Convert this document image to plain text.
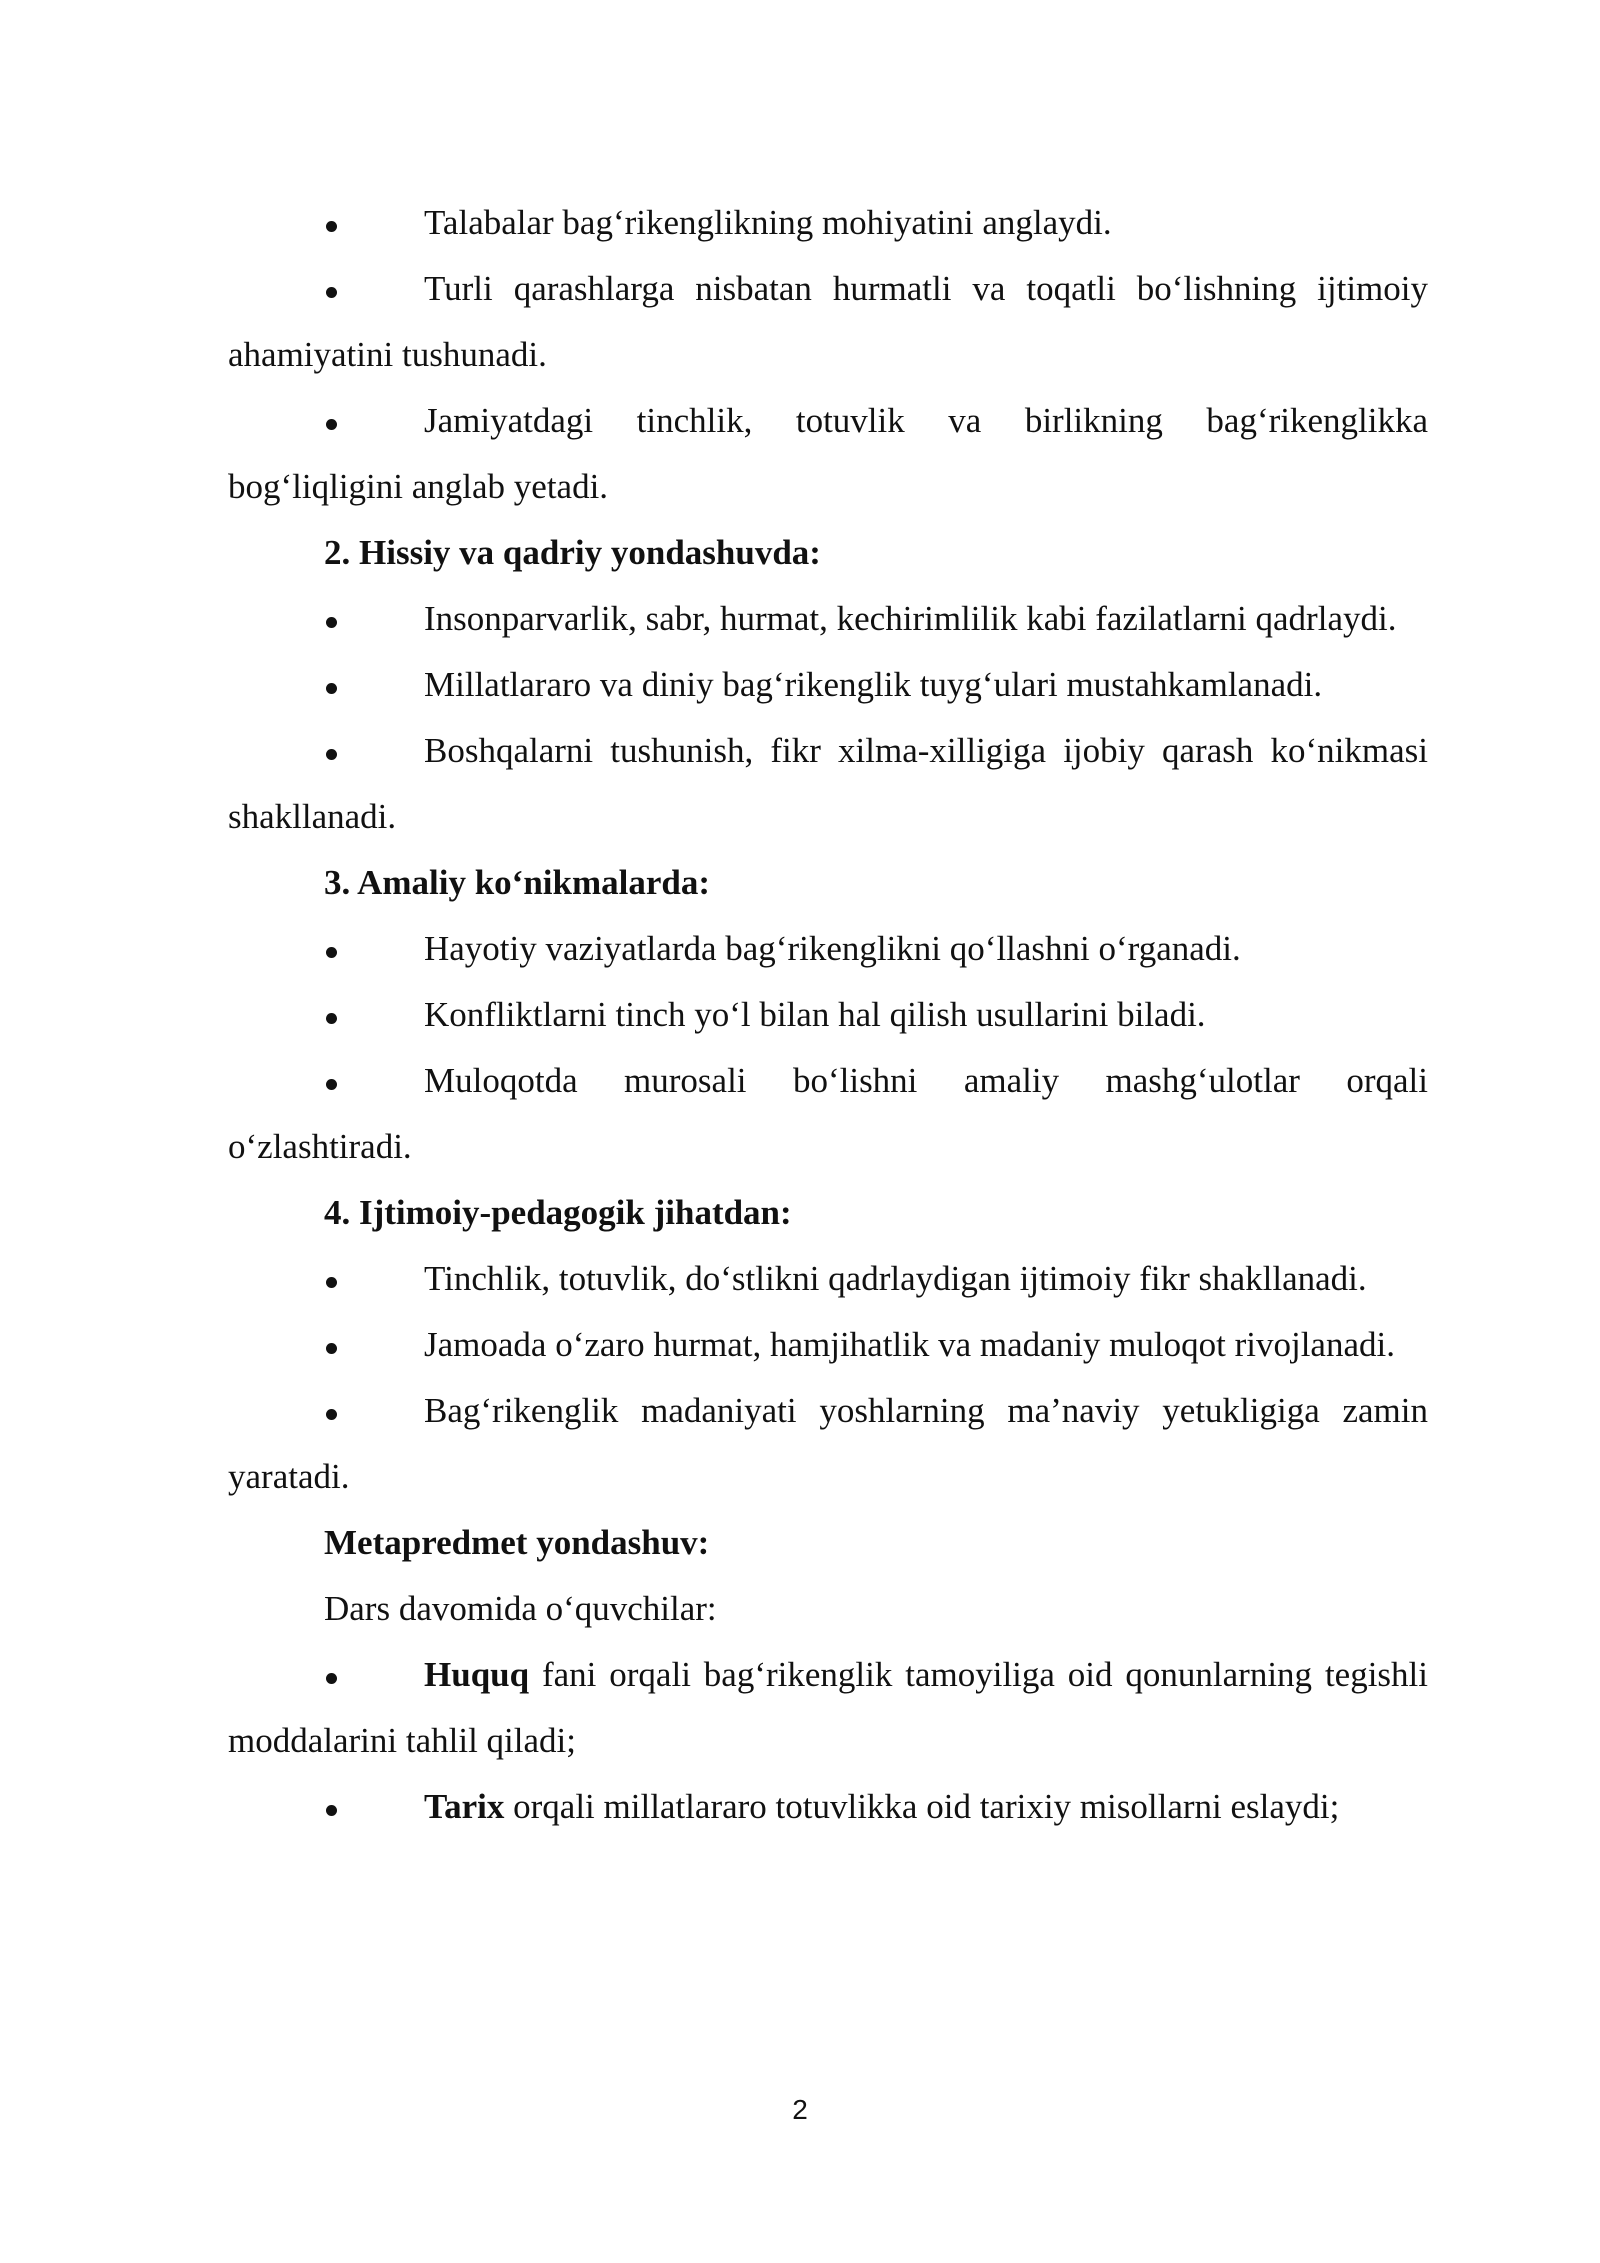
Talabalar bag‘rikenglikning mohiyatini anglaydi.
Turli qarashlarga nisbatan hurmatli va toqatli bo‘lishning ijtimoiy ahamiyatini tushunadi.
Jamiyatdagi tinchlik, totuvlik va birlikning bag‘rikenglikka bog‘liqligini anglab yetadi.
2. Hissiy va qadriy yondashuvda:
Insonparvarlik, sabr, hurmat, kechirimlilik kabi fazilatlarni qadrlaydi.
Millatlararo va diniy bag‘rikenglik tuyg‘ulari mustahkamlanadi.
Boshqalarni tushunish, fikr xilma-xilligiga ijobiy qarash ko‘nikmasi shakllanadi.
3. Amaliy ko‘nikmalarda:
Hayotiy vaziyatlarda bag‘rikenglikni qo‘llashni o‘rganadi.
Konfliktlarni tinch yo‘l bilan hal qilish usullarini biladi.
Muloqotda murosali bo‘lishni amaliy mashg‘ulotlar orqali o‘zlashtiradi.
4. Ijtimoiy-pedagogik jihatdan:
Tinchlik, totuvlik, do‘stlikni qadrlaydigan ijtimoiy fikr shakllanadi.
Jamoada o‘zaro hurmat, hamjihatlik va madaniy muloqot rivojlanadi.
Bag‘rikenglik madaniyati yoshlarning ma’naviy yetukligiga zamin yaratadi.
Metapredmet yondashuv:
Dars davomida o‘quvchilar:
Huquq fani orqali bag‘rikenglik tamoyiliga oid qonunlarning tegishli moddalarini tahlil qiladi;
Tarix orqali millatlararo totuvlikka oid tarixiy misollarni eslaydi;
2
